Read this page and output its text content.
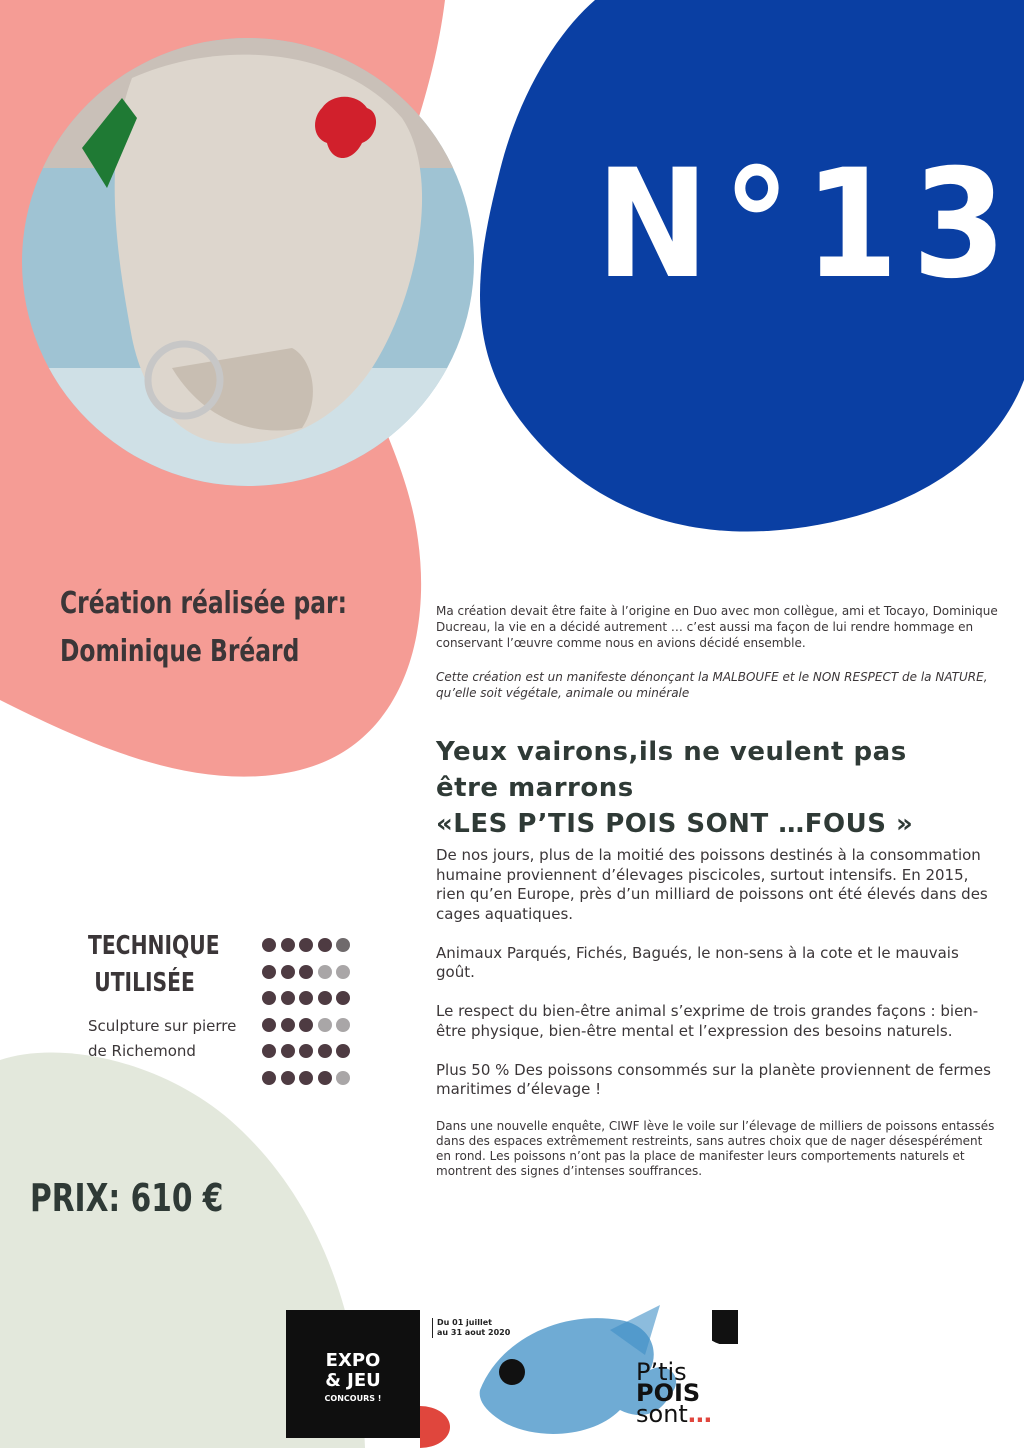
N°13
Création réalisée par:
Dominique Bréard

Ma création devait être faite à l’origine en Duo avec mon collègue, ami et Tocayo, Dominique Ducreau, la vie en a décidé autrement … c’est aussi ma façon de lui rendre hommage en conservant l’œuvre comme nous en avions décidé ensemble.

Cette création est un manifeste dénonçant la MALBOUFE et le NON RESPECT de la NATURE, qu’elle soit végétale, animale ou minérale

Yeux vairons,ils ne veulent pas
être marrons
«LES P’TIS POIS SONT …FOUS »

De nos jours, plus de la moitié des poissons destinés à la consommation humaine proviennent d’élevages piscicoles, surtout intensifs. En 2015, rien qu’en Europe, près d’un milliard de poissons ont été élevés dans des cages aquatiques.

Animaux Parqués, Fichés, Bagués, le non-sens à la cote et le mauvais goût.

Le respect du bien-être animal s’exprime de trois grandes façons : bien-être physique, bien-être mental et l’expression des besoins naturels.

Plus 50 % Des poissons consommés sur la planète proviennent de fermes maritimes d’élevage !

Dans une nouvelle enquête, CIWF lève le voile sur l’élevage de milliers de poissons entassés dans des espaces extrêmement restreints, sans autres choix que de nager désespérément en rond. Les poissons n’ont pas la place de manifester leurs comportements naturels et montrent des signes d’intenses souffrances.

TECHNIQUE
UTILISÉE
Sculpture sur pierre de Richemond
PRIX: 610 €
EXPO
& JEU
CONCOURS !
Du 01 juillet
au 31 aout 2020
P’tis
POIS
sont…
